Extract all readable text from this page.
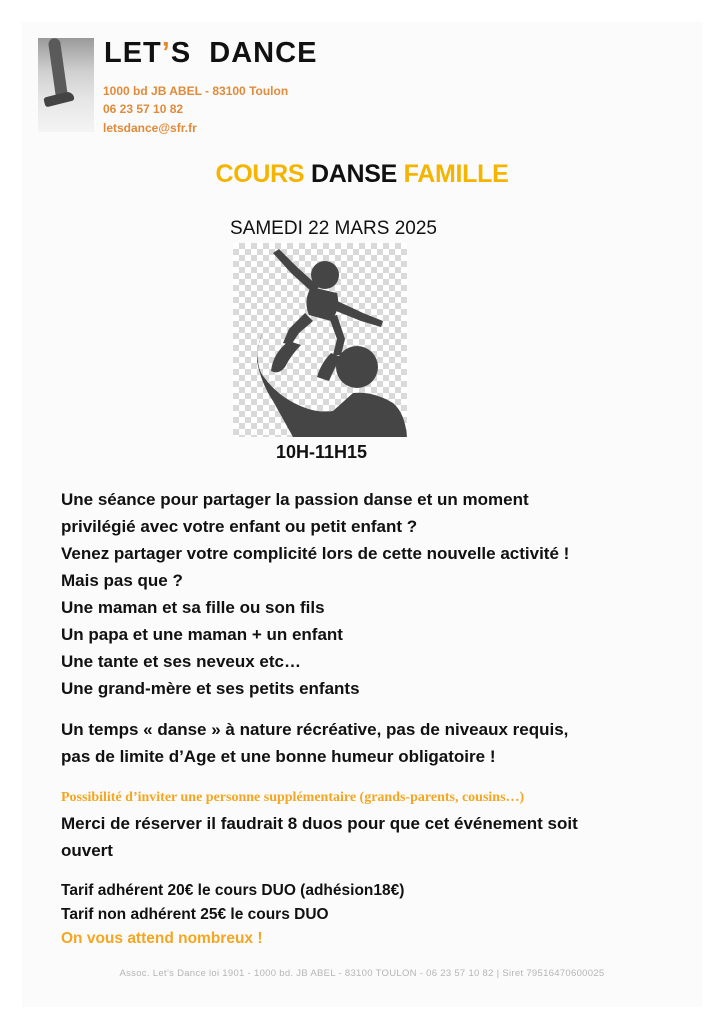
LET’S  DANCE
1000 bd JB ABEL - 83100 Toulon
06 23 57 10 82
letsdance@sfr.fr
COURS DANSE FAMILLE
SAMEDI 22 MARS 2025
10H-11H15
Une séance pour partager la passion danse et un moment
privilégié avec votre enfant ou petit enfant ?
Venez partager votre complicité lors de cette nouvelle activité !
Mais pas que ?
Une maman et sa fille ou son fils
Un papa et une maman + un enfant
Une tante et ses neveux etc…
Une grand-mère et ses petits enfants
Un temps « danse » à nature récréative, pas de niveaux requis,
pas de limite d’Age et une bonne humeur obligatoire !
Possibilité d’inviter une personne supplémentaire (grands-parents, cousins…)
Merci de réserver il faudrait 8 duos pour que cet événement soit
ouvert
Tarif adhérent 20€ le cours DUO (adhésion18€)
Tarif non adhérent 25€ le cours DUO
On vous attend nombreux !
Assoc. Let’s Dance loi 1901 - 1000 bd. JB ABEL - 83100 TOULON - 06 23 57 10 82 | Siret 79516470600025
